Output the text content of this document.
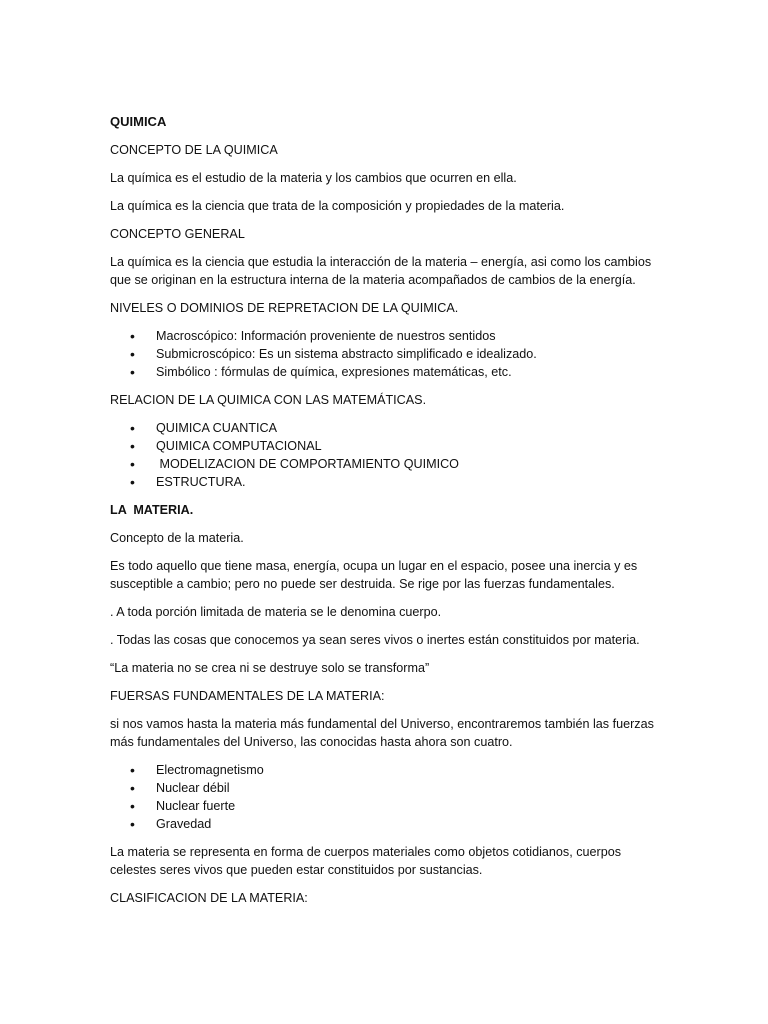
QUIMICA

CONCEPTO DE LA QUIMICA

La química es el estudio de la materia y los cambios que ocurren en ella.

La química es la ciencia que trata de la composición y propiedades de la materia.

CONCEPTO GENERAL

La química es la ciencia que estudia la interacción de la materia – energía, asi como los cambios que se originan en la estructura interna de la materia acompañados de cambios de la energía.

NIVELES O DOMINIOS DE REPRETACION DE LA QUIMICA.

• Macroscópico: Información proveniente de nuestros sentidos
• Submicroscópico: Es un sistema abstracto simplificado e idealizado.
• Simbólico : fórmulas de química, expresiones matemáticas, etc.

RELACION DE LA QUIMICA CON LAS MATEMÁTICAS.

• QUIMICA CUANTICA
• QUIMICA COMPUTACIONAL
•  MODELIZACION DE COMPORTAMIENTO QUIMICO
• ESTRUCTURA.

LA  MATERIA.

Concepto de la materia.

Es todo aquello que tiene masa, energía, ocupa un lugar en el espacio, posee una inercia y es susceptible a cambio; pero no puede ser destruida. Se rige por las fuerzas fundamentales.

. A toda porción limitada de materia se le denomina cuerpo.

. Todas las cosas que conocemos ya sean seres vivos o inertes están constituidos por materia.

“La materia no se crea ni se destruye solo se transforma”

FUERSAS FUNDAMENTALES DE LA MATERIA:

si nos vamos hasta la materia más fundamental del Universo, encontraremos también las fuerzas más fundamentales del Universo, las conocidas hasta ahora son cuatro.

• Electromagnetismo
• Nuclear débil
• Nuclear fuerte
• Gravedad

La materia se representa en forma de cuerpos materiales como objetos cotidianos, cuerpos celestes seres vivos que pueden estar constituidos por sustancias.

CLASIFICACION DE LA MATERIA:
